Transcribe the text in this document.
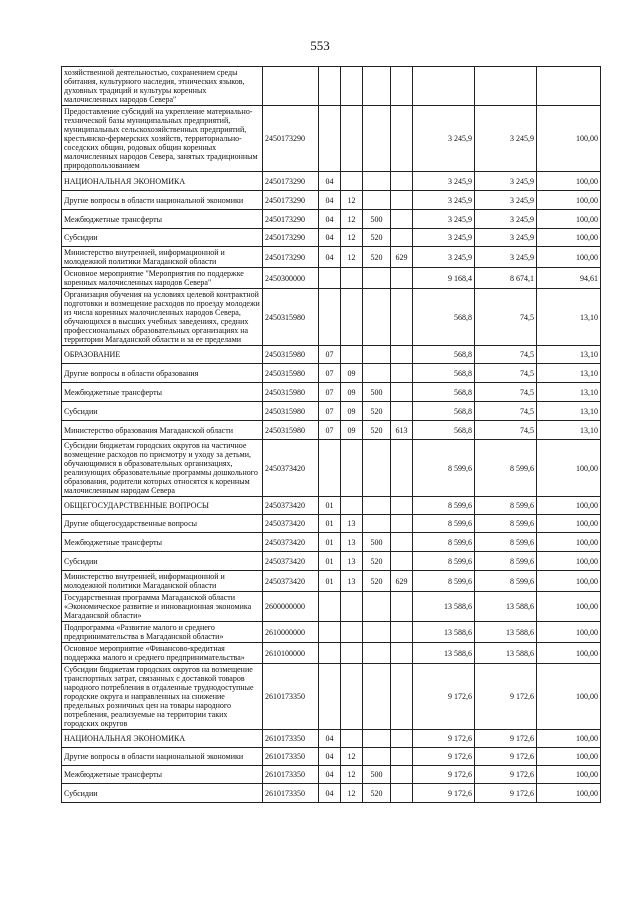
553
хозяйственной деятельностью, сохранением среды обитания, культурного наследия, этнических языков, духовных традиций и культуры коренных малочисленных народов Севера"								
Предоставление субсидий на укрепление материально-технической базы муниципальных предприятий, муниципальных сельскохозяйственных предприятий, крестьянско-фермерских хозяйств, территориально-соседских общин, родовых общин коренных малочисленных народов Севера, занятых традиционным природопользованием	2450173290					3 245,9	3 245,9	100,00
НАЦИОНАЛЬНАЯ ЭКОНОМИКА	2450173290	04				3 245,9	3 245,9	100,00
Другие вопросы в области национальной экономики	2450173290	04	12			3 245,9	3 245,9	100,00
Межбюджетные трансферты	2450173290	04	12	500		3 245,9	3 245,9	100,00
Субсидии	2450173290	04	12	520		3 245,9	3 245,9	100,00
Министерство внутренней, информационной и молодежной политики Магаданской области	2450173290	04	12	520	629	3 245,9	3 245,9	100,00
Основное мероприятие "Мероприятия по поддержке коренных малочисленных народов Севера"	2450300000					9 168,4	8 674,1	94,61
Организация обучения на условиях целевой контрактной подготовки и возмещение расходов по проезду молодежи из числа коренных малочисленных народов Севера, обучающихся в высших учебных заведениях, средних профессиональных образовательных организациях на территории Магаданской области и за ее пределами	2450315980					568,8	74,5	13,10
ОБРАЗОВАНИЕ	2450315980	07				568,8	74,5	13,10
Другие вопросы в области образования	2450315980	07	09			568,8	74,5	13,10
Межбюджетные трансферты	2450315980	07	09	500		568,8	74,5	13,10
Субсидии	2450315980	07	09	520		568,8	74,5	13,10
Министерство образования Магаданской области	2450315980	07	09	520	613	568,8	74,5	13,10
Субсидии бюджетам городских округов на частичное возмещение расходов по присмотру и уходу за детьми, обучающимися в образовательных организациях, реализующих образовательные программы дошкольного образования, родители которых относятся к коренным малочисленным народам Севера	2450373420					8 599,6	8 599,6	100,00
ОБЩЕГОСУДАРСТВЕННЫЕ ВОПРОСЫ	2450373420	01				8 599,6	8 599,6	100,00
Другие общегосударственные вопросы	2450373420	01	13			8 599,6	8 599,6	100,00
Межбюджетные трансферты	2450373420	01	13	500		8 599,6	8 599,6	100,00
Субсидии	2450373420	01	13	520		8 599,6	8 599,6	100,00
Министерство внутренней, информационной и молодежной политики Магаданской области	2450373420	01	13	520	629	8 599,6	8 599,6	100,00
Государственная программа Магаданской области «Экономическое развитие и инновационная экономика Магаданской области»	2600000000					13 588,6	13 588,6	100,00
Подпрограмма «Развитие малого и среднего предпринимательства в Магаданской области»	2610000000					13 588,6	13 588,6	100,00
Основное мероприятие «Финансово-кредитная поддержка малого и среднего предпринимательства»	2610100000					13 588,6	13 588,6	100,00
Субсидии бюджетам городских округов на возмещение транспортных затрат, связанных с доставкой товаров народного потребления в отдаленные труднодоступные городские округа и направленных на снижение предельных розничных цен на товары народного потребления, реализуемые на территории таких городских округов	2610173350					9 172,6	9 172,6	100,00
НАЦИОНАЛЬНАЯ ЭКОНОМИКА	2610173350	04				9 172,6	9 172,6	100,00
Другие вопросы в области национальной экономики	2610173350	04	12			9 172,6	9 172,6	100,00
Межбюджетные трансферты	2610173350	04	12	500		9 172,6	9 172,6	100,00
Субсидии	2610173350	04	12	520		9 172,6	9 172,6	100,00
